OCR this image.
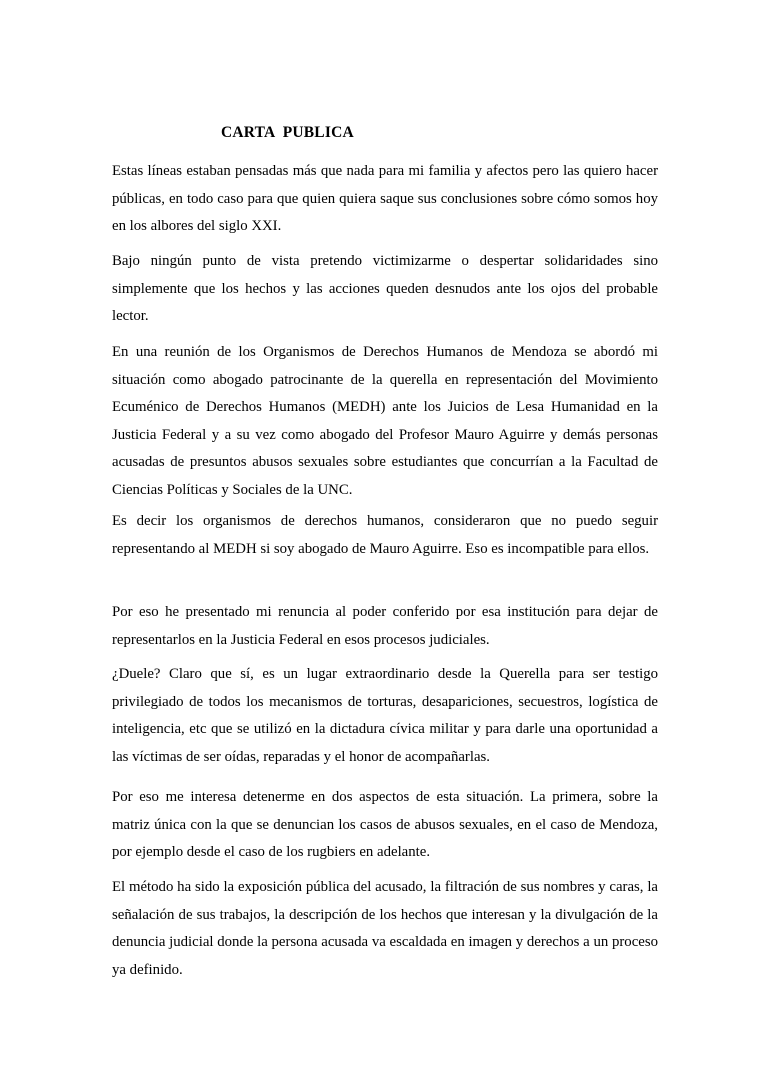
CARTA  PUBLICA

Estas líneas estaban pensadas más que nada para mi familia y afectos pero las quiero hacer públicas, en todo caso para que quien quiera saque sus conclusiones sobre cómo somos hoy en los albores del siglo XXI.

Bajo ningún punto de vista pretendo victimizarme o despertar solidaridades sino simplemente que los hechos y las acciones queden desnudos ante los ojos del probable lector.

En una reunión de los Organismos de Derechos Humanos de Mendoza se abordó mi situación como abogado patrocinante de la querella en representación del Movimiento Ecuménico de Derechos Humanos (MEDH) ante los Juicios de Lesa Humanidad en la Justicia Federal y a su vez como abogado del Profesor Mauro Aguirre y demás personas acusadas de presuntos abusos sexuales sobre estudiantes que concurrían a la Facultad de Ciencias Políticas y Sociales de la UNC.

Es decir los organismos de derechos humanos, consideraron que no puedo seguir representando al MEDH si soy abogado de Mauro Aguirre. Eso es incompatible para ellos.

Por eso he presentado mi renuncia al poder conferido por esa institución para dejar de representarlos en la Justicia Federal en esos procesos judiciales.

¿Duele? Claro que sí, es un lugar extraordinario desde la Querella para ser testigo privilegiado de todos los mecanismos de torturas, desapariciones, secuestros, logística de inteligencia, etc que se utilizó en la dictadura cívica militar y para darle una oportunidad a las víctimas de ser oídas, reparadas y el honor de acompañarlas.

Por eso me interesa detenerme en dos aspectos de esta situación. La primera, sobre la matriz única con la que se denuncian los casos de abusos sexuales, en el caso de Mendoza, por ejemplo desde el caso de los rugbiers en adelante.

El método ha sido la exposición pública del acusado, la filtración de sus nombres y caras, la señalación de sus trabajos, la descripción de los hechos que interesan y la divulgación de la denuncia judicial donde la persona acusada va escaldada en imagen y derechos a un proceso ya definido.
